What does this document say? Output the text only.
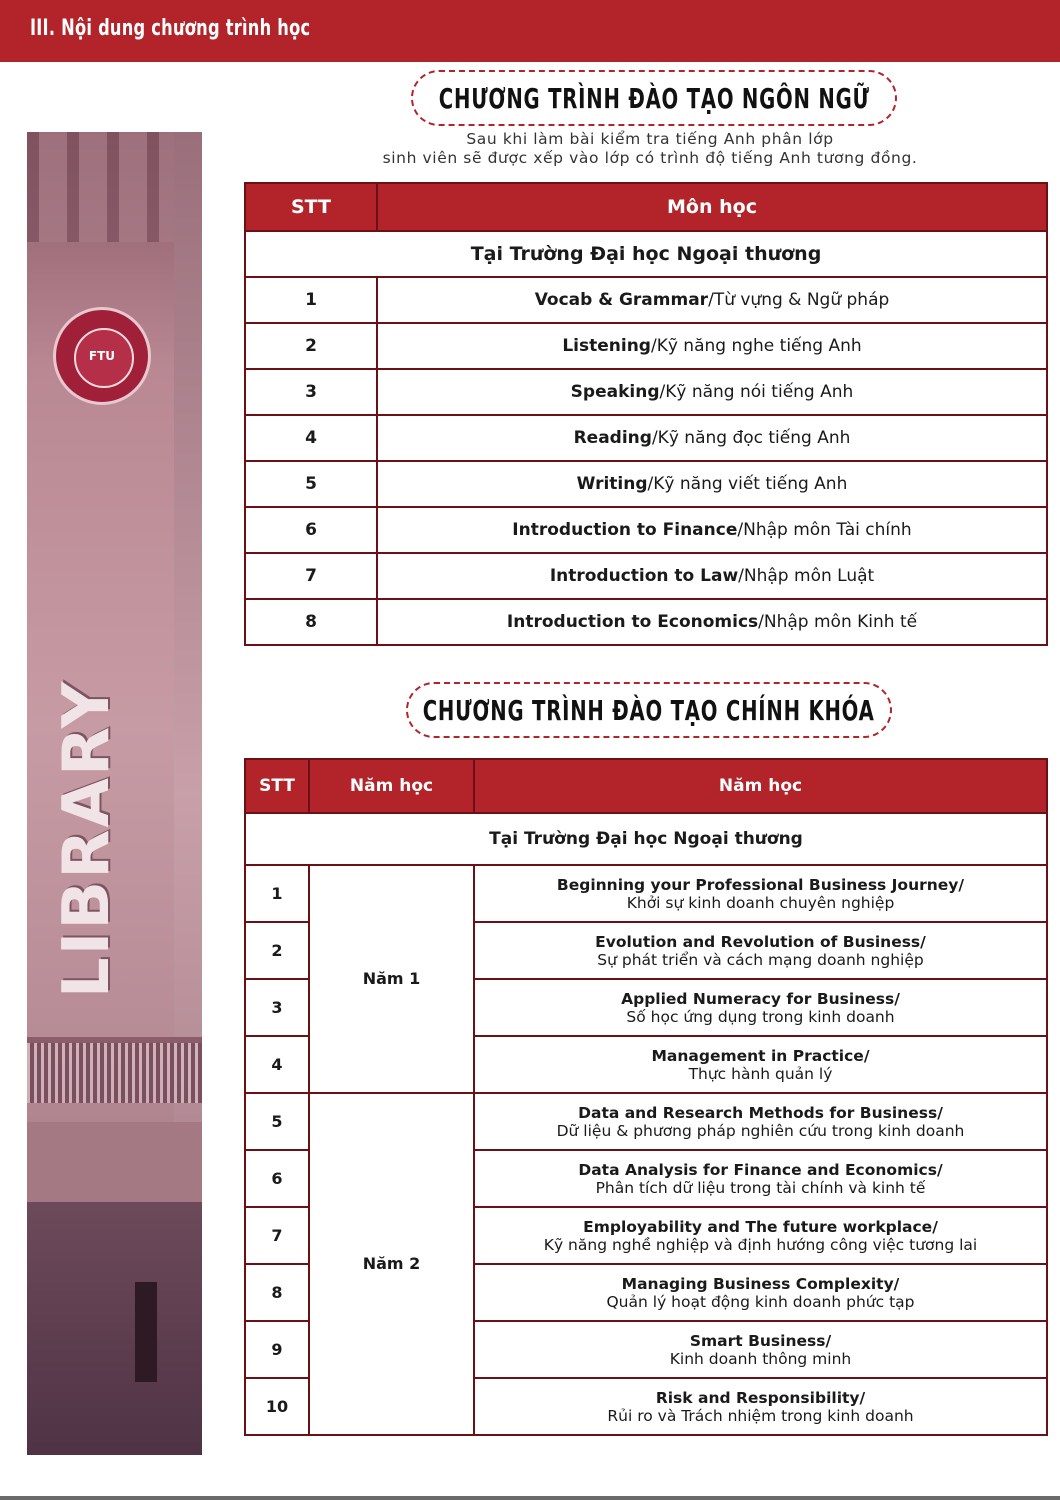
III. Nội dung chương trình học
FTU
LIBRARY
CHƯƠNG TRÌNH ĐÀO TẠO NGÔN NGỮ
Sau khi làm bài kiểm tra tiếng Anh phân lớp
sinh viên sẽ được xếp vào lớp có trình độ tiếng Anh tương đồng.
STT	Môn học
Tại Trường Đại học Ngoại thương	
1	Vocab & Grammar/Từ vựng & Ngữ pháp
2	Listening/Kỹ năng nghe tiếng Anh
3	Speaking/Kỹ năng nói tiếng Anh
4	Reading/Kỹ năng đọc tiếng Anh
5	Writing/Kỹ năng viết tiếng Anh
6	Introduction to Finance/Nhập môn Tài chính
7	Introduction to Law/Nhập môn Luật
8	Introduction to Economics/Nhập môn Kinh tế
CHƯƠNG TRÌNH ĐÀO TẠO CHÍNH KHÓA
STT	Năm học	Năm học
Tại Trường Đại học Ngoại thương		
1	Năm 1	Beginning your Professional Business Journey/
Khởi sự kinh doanh chuyên nghiệp

2		Evolution and Revolution of Business/
Sự phát triển và cách mạng doanh nghiệp

3		Applied Numeracy for Business/
Số học ứng dụng trong kinh doanh

4		Management in Practice/
Thực hành quản lý

5	Năm 2	Data and Research Methods for Business/
Dữ liệu & phương pháp nghiên cứu trong kinh doanh

6		Data Analysis for Finance and Economics/
Phân tích dữ liệu trong tài chính và kinh tế

7		Employability and The future workplace/
Kỹ năng nghề nghiệp và định hướng công việc tương lai

8		Managing Business Complexity/
Quản lý hoạt động kinh doanh phức tạp

9		Smart Business/
Kinh doanh thông minh

10		Risk and Responsibility/
Rủi ro và Trách nhiệm trong kinh doanh
